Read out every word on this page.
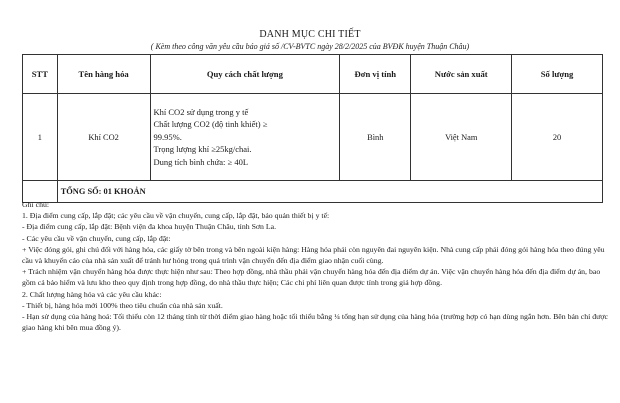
DANH MỤC CHI TIẾT
( Kèm theo công văn yêu cầu báo giá số /CV-BVTC ngày 28/2/2025 của BVĐK huyện Thuận Châu)
STT	Tên hàng hóa	Quy cách chất lượng	Đơn vị tính	Nước sản xuất	Số lượng
1	Khí CO2	Khí CO2 sử dụng trong y tế
Chất lượng CO2 (độ tinh khiết) ≥
99.95%.
Trọng lượng khí ≥25kg/chai.
Dung tích bình chứa: ≥ 40L	Bình	Việt Nam	20
	TỔNG SỐ: 01 KHOẢN				

Ghi chú:

1. Địa điểm cung cấp, lắp đặt; các yêu cầu về vận chuyển, cung cấp, lắp đặt, bảo quản thiết bị y tế:

- Địa điểm cung cấp, lắp đặt: Bệnh viện đa khoa huyện Thuận Châu, tỉnh Sơn La.

- Các yêu cầu về vận chuyển, cung cấp, lắp đặt:

+ Việc đóng gói, ghi chú đối với hàng hóa, các giấy tờ bên trong và bên ngoài kiện hàng: Hàng hóa phải còn nguyên đai nguyên kiện. Nhà cung cấp phải đóng gói hàng hóa theo đúng yêu cầu và khuyến cáo của nhà sản xuất để tránh hư hỏng trong quá trình vận chuyển đến địa điểm giao nhận cuối cùng.

+ Trách nhiệm vận chuyển hàng hóa được thực hiện như sau: Theo hợp đồng, nhà thầu phải vận chuyển hàng hóa đến địa điểm dự án. Việc vận chuyển hàng hóa đến địa điểm dự án, bao gồm cả bảo hiểm và lưu kho theo quy định trong hợp đồng, do nhà thầu thực hiện; Các chi phí liên quan được tính trong giá hợp đồng.

2. Chất lượng hàng hóa và các yêu cầu khác:

- Thiết bị, hàng hóa mới 100% theo tiêu chuẩn của nhà sản xuất.

- Hạn sử dụng của hàng hoá: Tối thiểu còn 12 tháng tính từ thời điểm giao hàng hoặc tối thiểu bằng ¼ tổng hạn sử dụng của hàng hóa (trường hợp có hạn dùng ngắn hơn. Bên bán chỉ được giao hàng khi bên mua đồng ý).
